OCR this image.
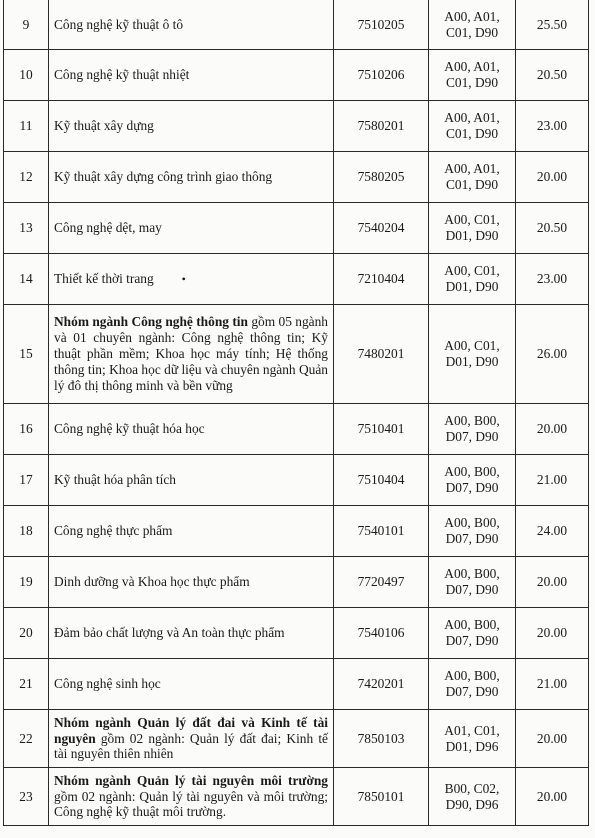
9	Công nghệ kỹ thuật ô tô	7510205	A00, A01,
C01, D90	25.50
10	Công nghệ kỹ thuật nhiệt	7510206	A00, A01,
C01, D90	20.50
11	Kỹ thuật xây dựng	7580201	A00, A01,
C01, D90	23.00
12	Kỹ thuật xây dựng công trình giao thông	7580205	A00, A01,
C01, D90	20.00
13	Công nghệ dệt, may	7540204	A00, C01,
D01, D90	20.50
14	Thiết kế thời trang •	7210404	A00, C01,
D01, D90	23.00
15	Nhóm ngành Công nghệ thông tin gồm 05 ngành và 01 chuyên ngành: Công nghệ thông tin; Kỹ thuật phần mềm; Khoa học máy tính; Hệ thống thông tin; Khoa học dữ liệu và chuyên ngành Quản lý đô thị thông minh và bền vững	7480201	A00, C01,
D01, D90	26.00
16	Công nghệ kỹ thuật hóa học	7510401	A00, B00,
D07, D90	20.00
17	Kỹ thuật hóa phân tích	7510404	A00, B00,
D07, D90	21.00
18	Công nghệ thực phẩm	7540101	A00, B00,
D07, D90	24.00
19	Dinh dưỡng và Khoa học thực phẩm	7720497	A00, B00,
D07, D90	20.00
20	Đảm bảo chất lượng và An toàn thực phẩm	7540106	A00, B00,
D07, D90	20.00
21	Công nghệ sinh học	7420201	A00, B00,
D07, D90	21.00
22	Nhóm ngành Quản lý đất đai và Kinh tế tài nguyên gồm 02 ngành: Quản lý đất đai; Kinh tế tài nguyên thiên nhiên	7850103	A01, C01,
D01, D96	20.00
23	Nhóm ngành Quản lý tài nguyên môi trường gồm 02 ngành: Quản lý tài nguyên và môi trường; Công nghệ kỹ thuật môi trường.	7850101	B00, C02,
D90, D96	20.00
